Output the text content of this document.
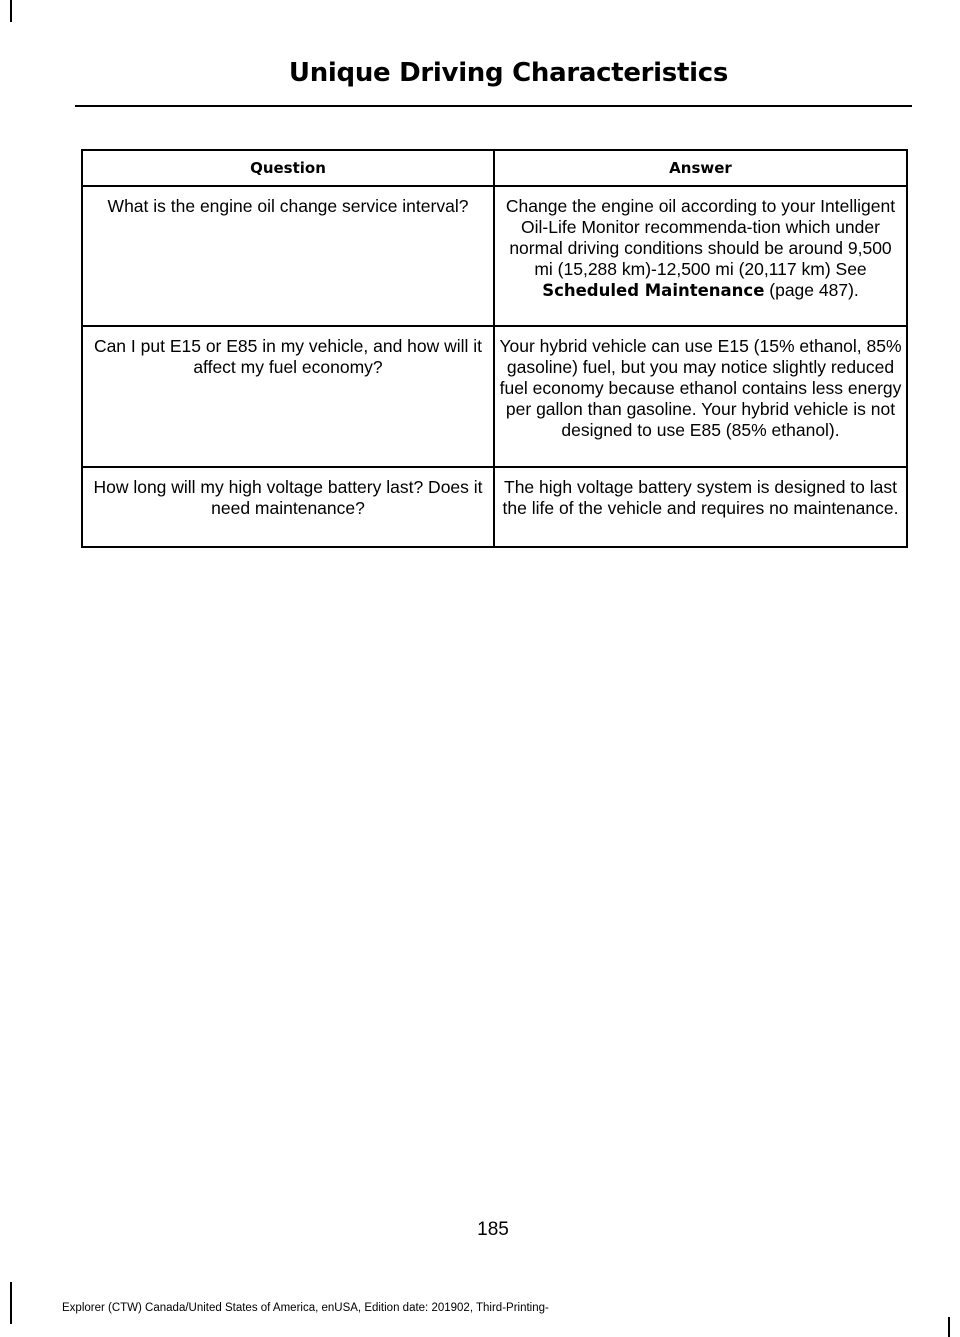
Unique Driving Characteristics
Question	Answer
What is the engine oil change service interval?	Change the engine oil according to your Intelligent Oil-Life Monitor recommenda-tion which under normal driving conditions should be around 9,500 mi (15,288 km)-12,500 mi (20,117 km) See Scheduled Maintenance (page 487).
Can I put E15 or E85 in my vehicle, and how will it affect my fuel economy?	Your hybrid vehicle can use E15 (15% ethanol, 85% gasoline) fuel, but you may notice slightly reduced fuel economy because ethanol contains less energy per gallon than gasoline. Your hybrid vehicle is not designed to use E85 (85% ethanol).
How long will my high voltage battery last? Does it need maintenance?	The high voltage battery system is designed to last the life of the vehicle and requires no maintenance.
185
Explorer (CTW) Canada/United States of America, enUSA, Edition date: 201902, Third-Printing-
